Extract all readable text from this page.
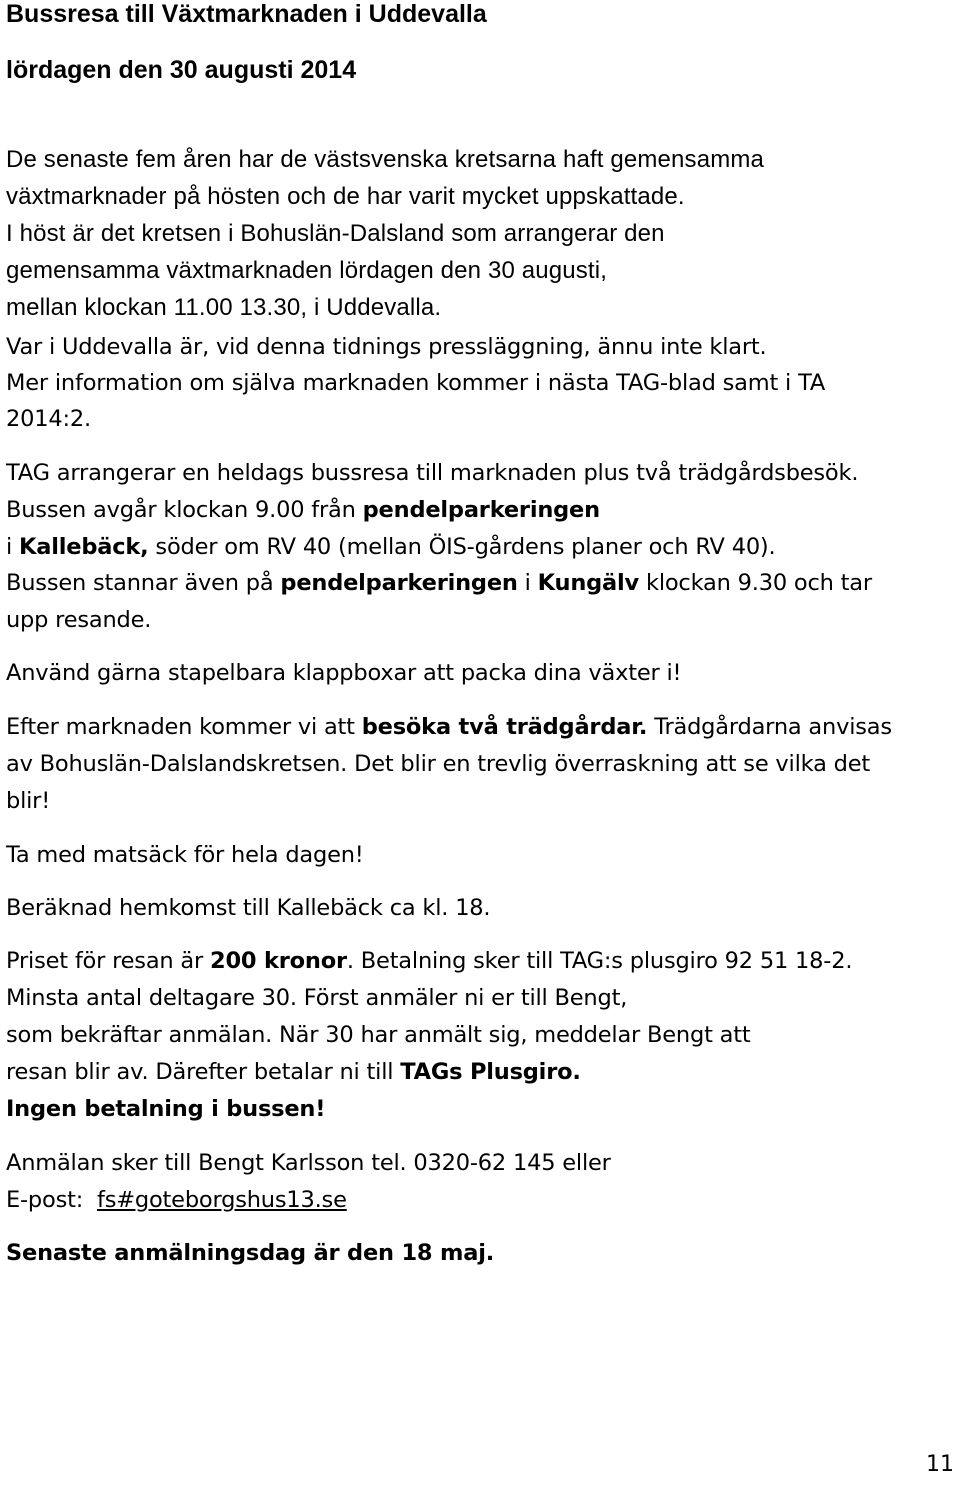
Bussresa till Växtmarknaden i Uddevalla
lördagen den 30 augusti 2014
De senaste fem åren har de västsvenska kretsarna haft gemensamma
växtmarknader på hösten och de har varit mycket uppskattade.
I höst är det kretsen i Bohuslän-Dalsland som arrangerar den
gemensamma växtmarknaden lördagen den 30 augusti,
mellan klockan 11.00 13.30, i Uddevalla.
Var i Uddevalla är, vid denna tidnings pressläggning, ännu inte klart.
Mer information om själva marknaden kommer i nästa TAG-blad samt i TA
2014:2.
TAG arrangerar en heldags bussresa till marknaden plus två trädgårdsbesök.
Bussen avgår klockan 9.00 från pendelparkeringen
i Kallebäck, söder om RV 40 (mellan ÖIS-gårdens planer och RV 40).
Bussen stannar även på pendelparkeringen i Kungälv klockan 9.30 och tar
upp resande.
Använd gärna stapelbara klappboxar att packa dina växter i!
Efter marknaden kommer vi att besöka två trädgårdar. Trädgårdarna anvisas
av Bohuslän-Dalslandskretsen. Det blir en trevlig överraskning att se vilka det
blir!
Ta med matsäck för hela dagen!
Beräknad hemkomst till Kallebäck ca kl. 18.
Priset för resan är 200 kronor. Betalning sker till TAG:s plusgiro 92 51 18-2.
Minsta antal deltagare 30. Först anmäler ni er till Bengt,
som bekräftar anmälan. När 30 har anmält sig, meddelar Bengt att
resan blir av. Därefter betalar ni till TAGs Plusgiro.
Ingen betalning i bussen!
Anmälan sker till Bengt Karlsson tel. 0320-62 145 eller
E-post:  fs#goteborgshus13.se
Senaste anmälningsdag är den 18 maj.
11
